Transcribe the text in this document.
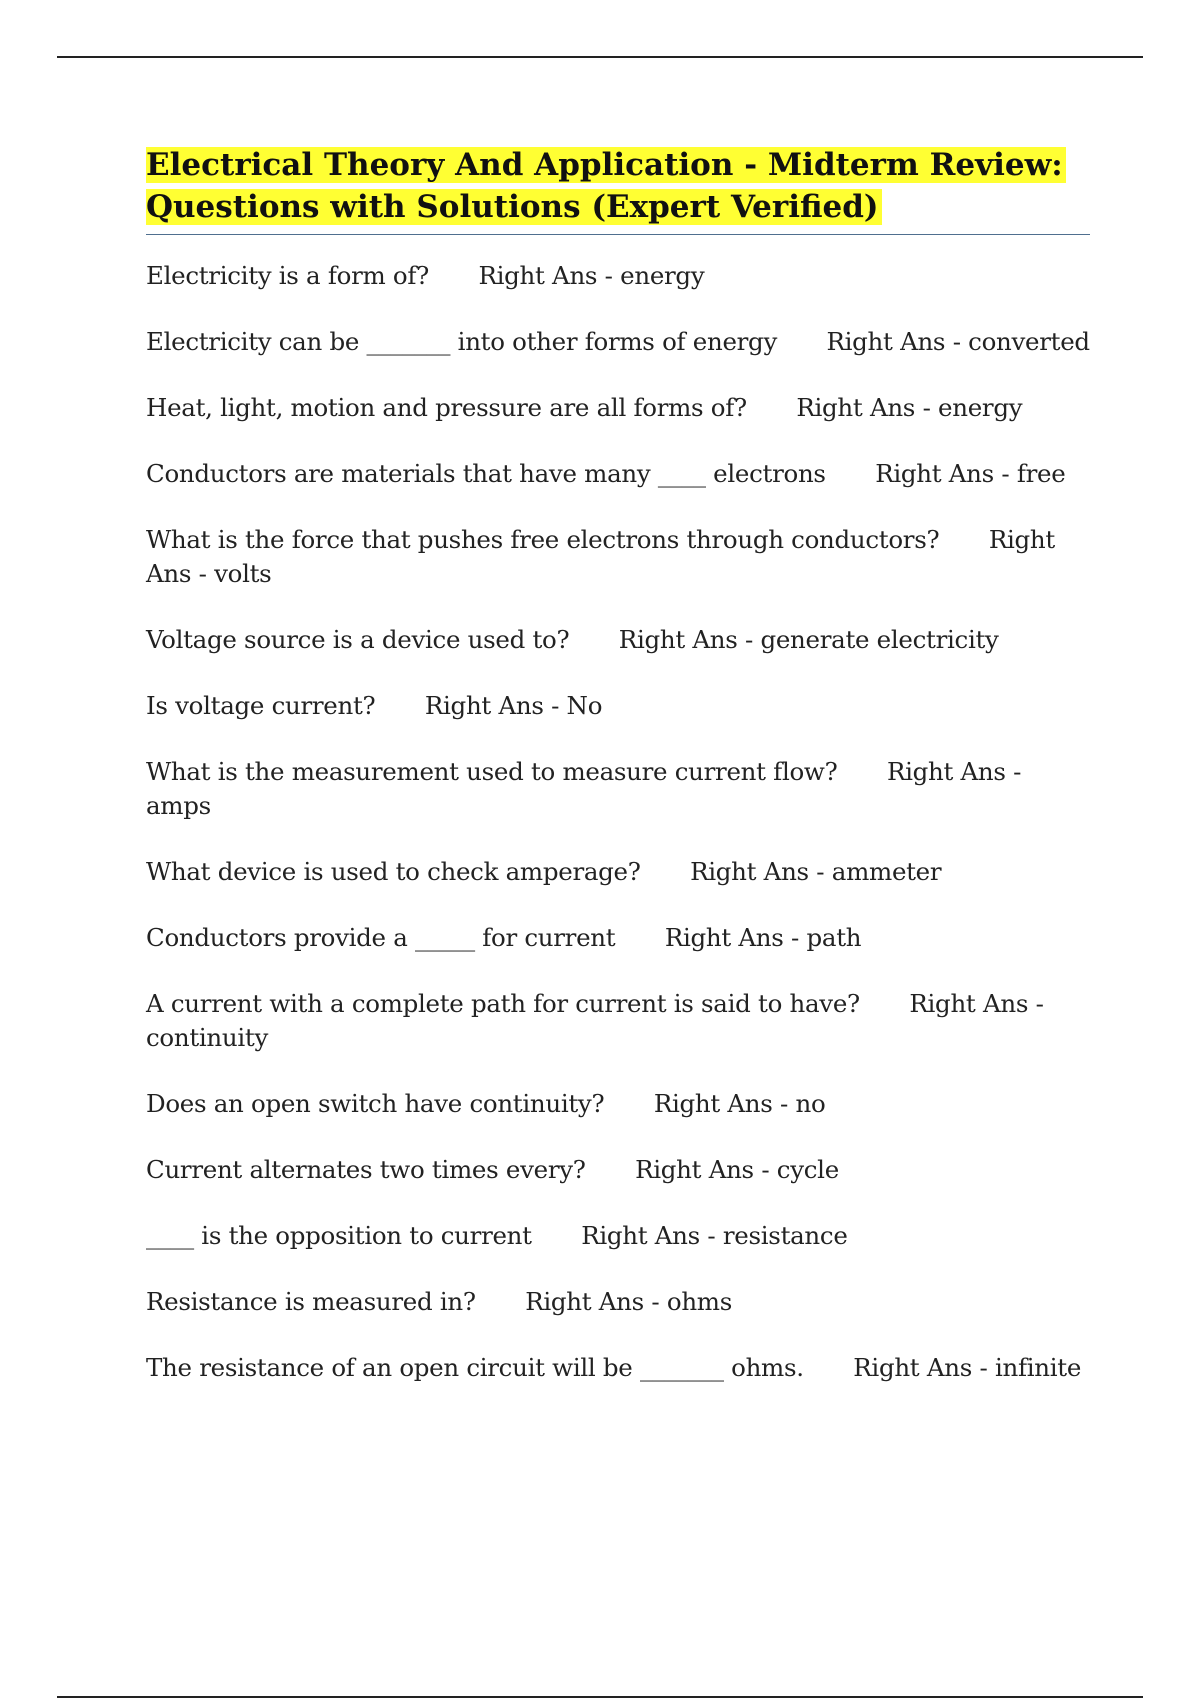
Electrical Theory And Application - Midterm Review:
Questions with Solutions (Expert Verified)
Electricity is a form of? Right Ans - energy
Electricity can be _______ into other forms of energy Right Ans - converted
Heat, light, motion and pressure are all forms of? Right Ans - energy
Conductors are materials that have many ____ electrons Right Ans - free
What is the force that pushes free electrons through conductors? Right Ans - volts
Voltage source is a device used to? Right Ans - generate electricity
Is voltage current? Right Ans - No
What is the measurement used to measure current flow? Right Ans - amps
What device is used to check amperage? Right Ans - ammeter
Conductors provide a _____ for current Right Ans - path
A current with a complete path for current is said to have? Right Ans - continuity
Does an open switch have continuity? Right Ans - no
Current alternates two times every? Right Ans - cycle
____ is the opposition to current Right Ans - resistance
Resistance is measured in? Right Ans - ohms
The resistance of an open circuit will be _______ ohms. Right Ans - infinite
